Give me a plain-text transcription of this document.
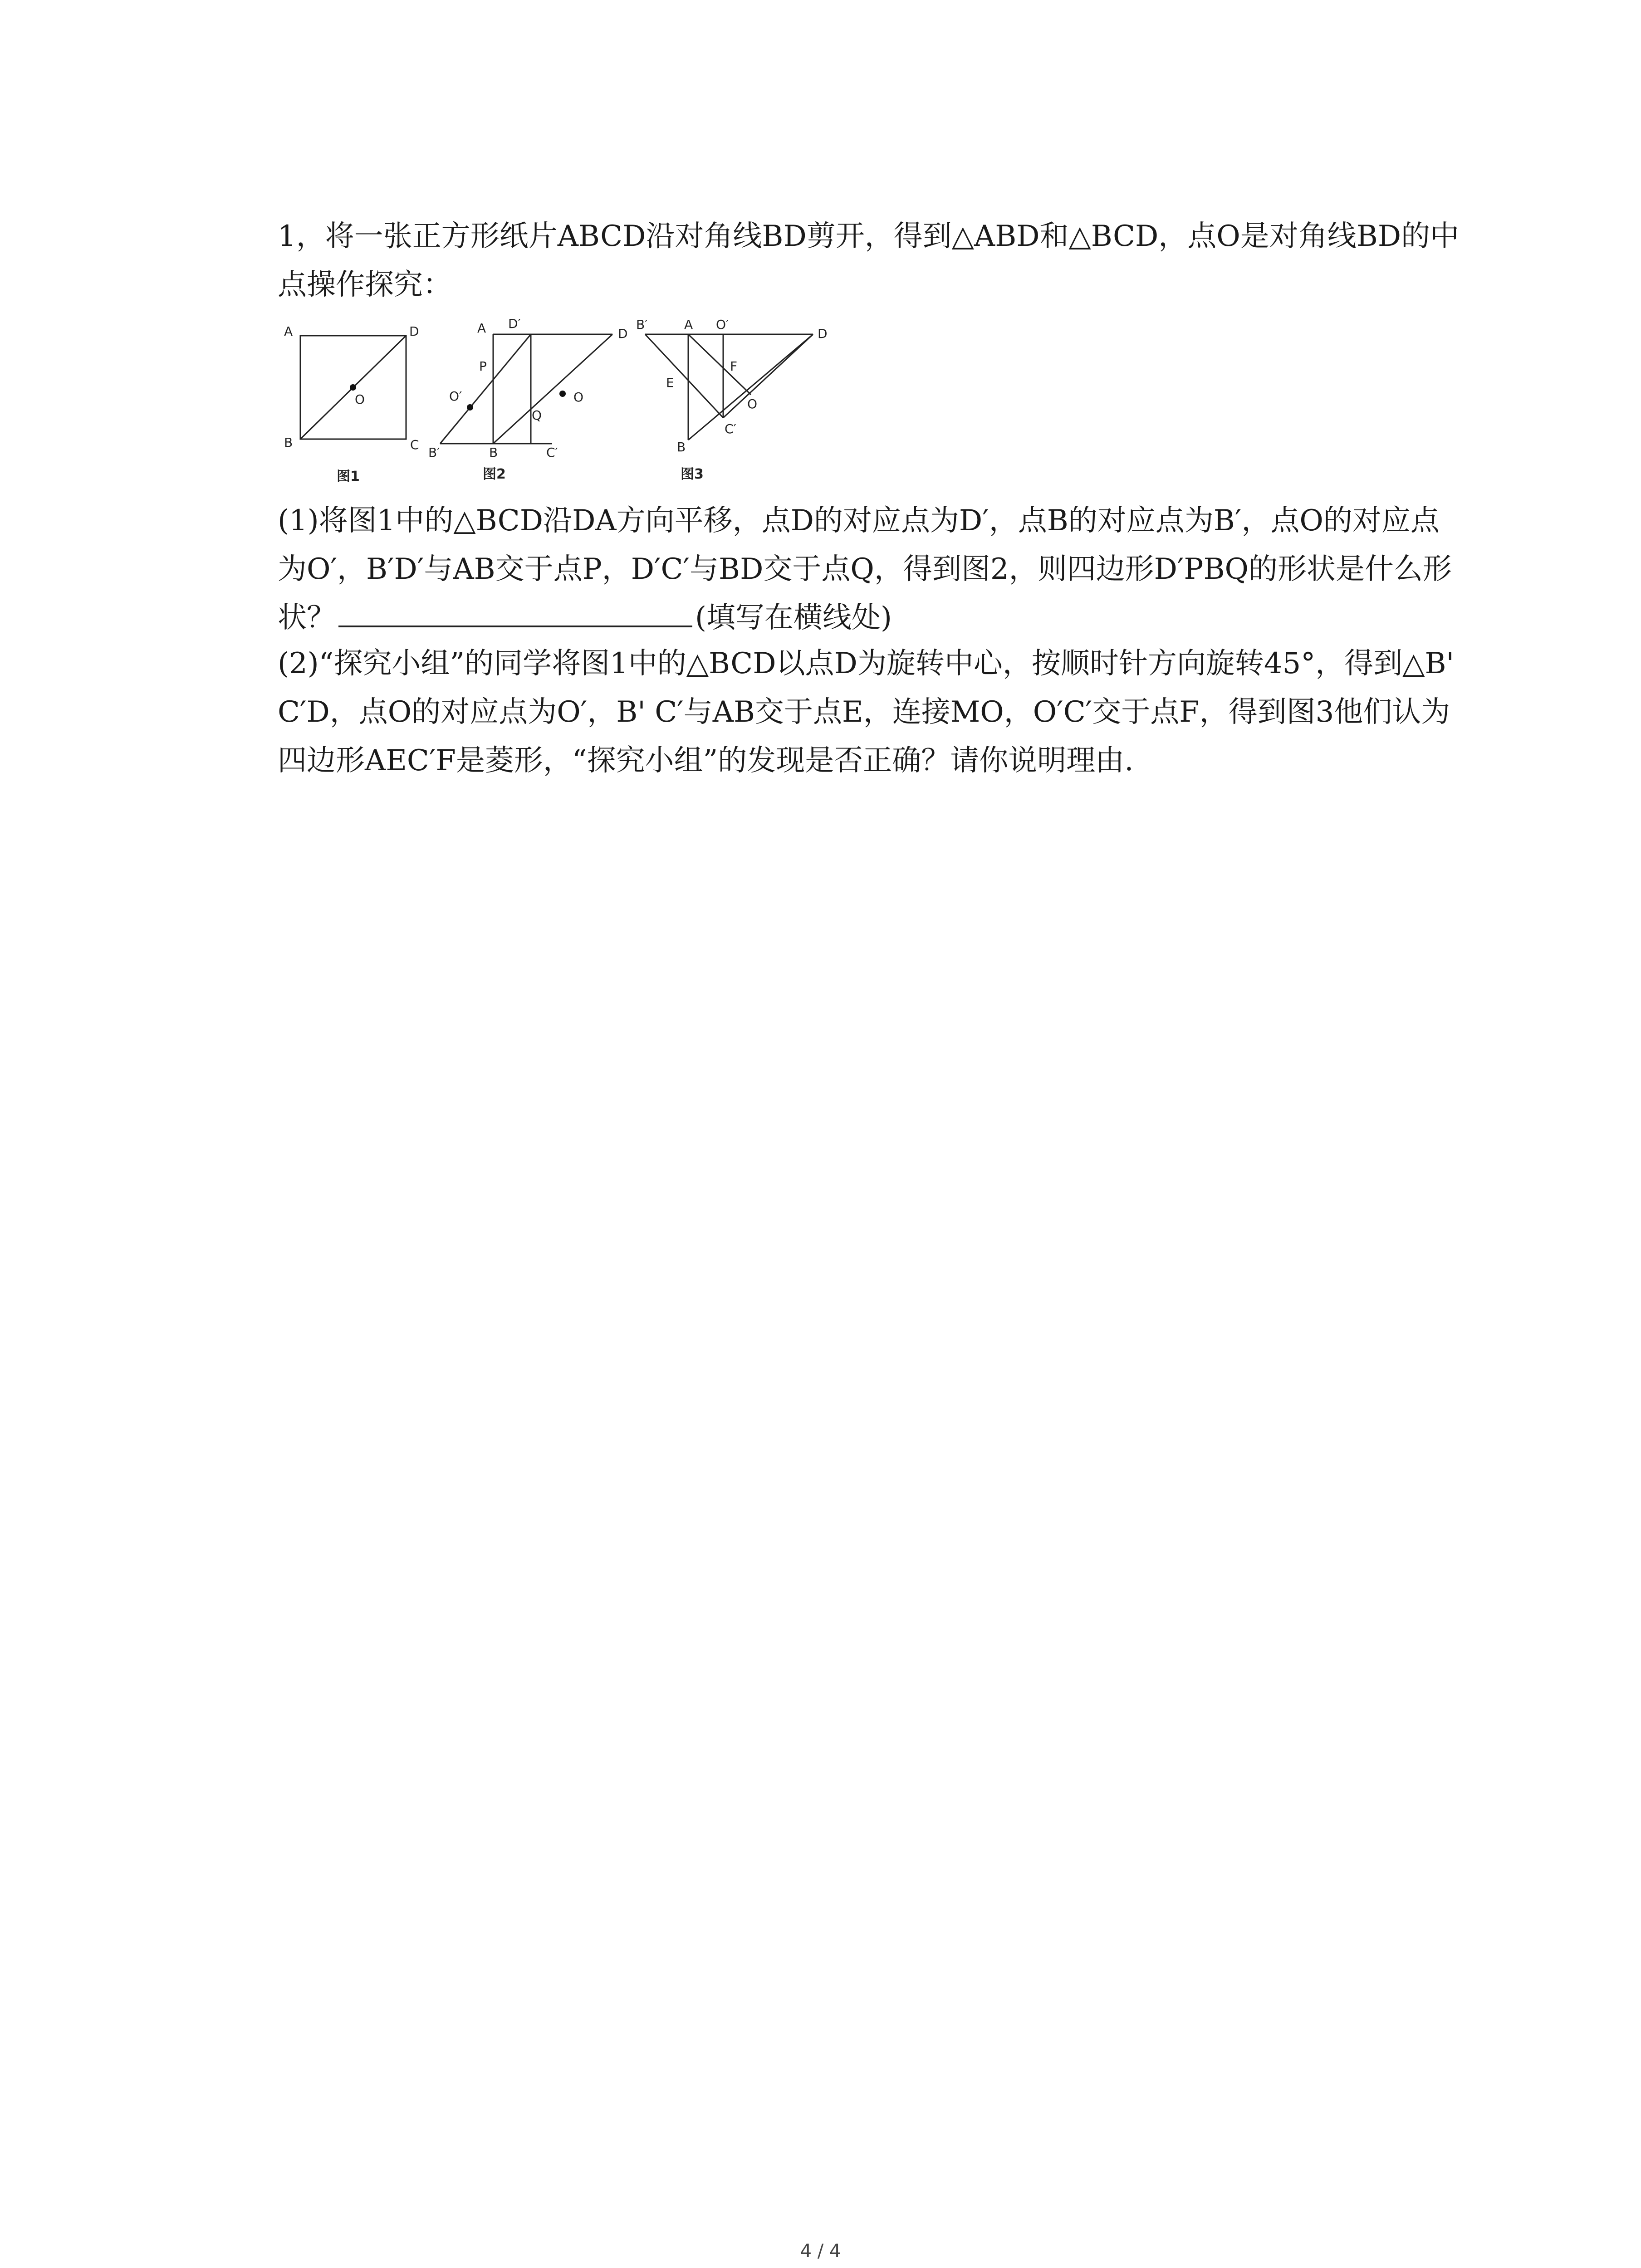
1，将一张正方形纸片ABCD沿对角线BD剪开，得到△ABD和△BCD，点O是对角线BD的中点操作探究：
A	D
B	C
O
图1
A D′
D
P
O′	O
Q
B′	B	C′
图2
B′	A O′
D
F
E
O
C′
B
图3
(1)将图1中的△BCD沿DA方向平移，点D的对应点为D′，点B的对应点为B′，点O的对应点为O′，B′D′与AB交于点P，D′C′与BD交于点Q，得到图2，则四边形D′PBQ的形状是什么形状？	(填写在横线处)
(2)“探究小组”的同学将图1中的△BCD以点D为旋转中心，按顺时针方向旋转45°，得到△B' C′D，点O的对应点为O′，B' C′与AB交于点E，连接MO，O′C′交于点F，得到图3他们认为四边形AEC′F是菱形，“探究小组”的发现是否正确？请你说明理由.
4 / 4
